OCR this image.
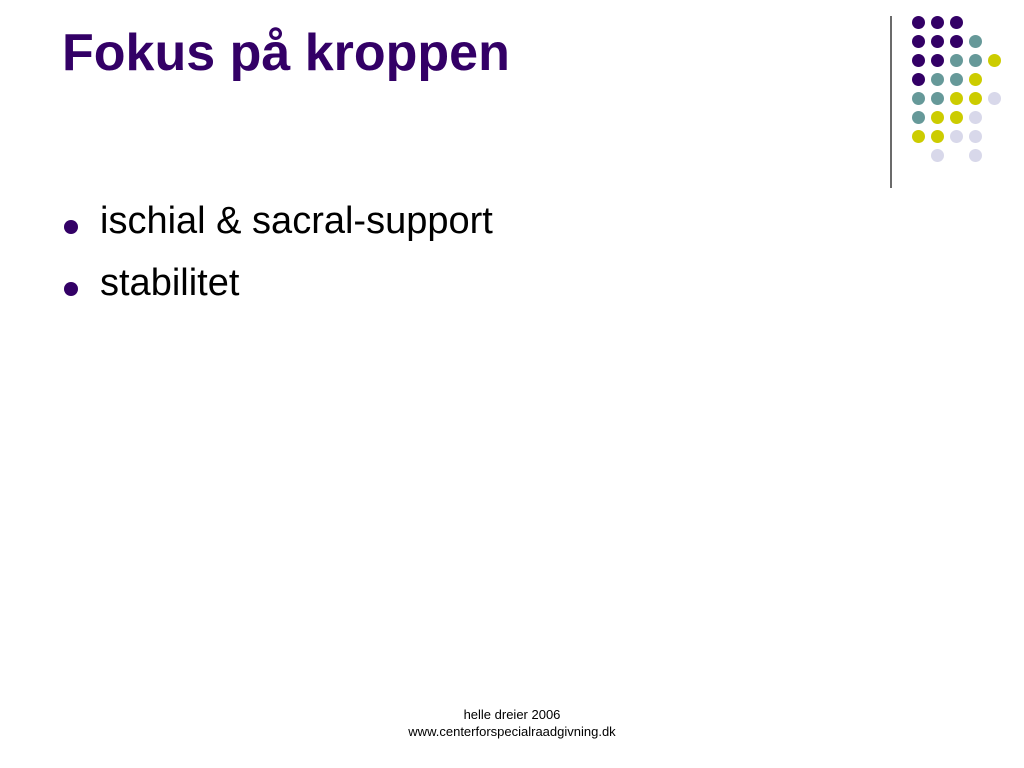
Fokus på kroppen
ischial & sacral-support
stabilitet
helle dreier 2006
www.centerforspecialraadgivning.dk
